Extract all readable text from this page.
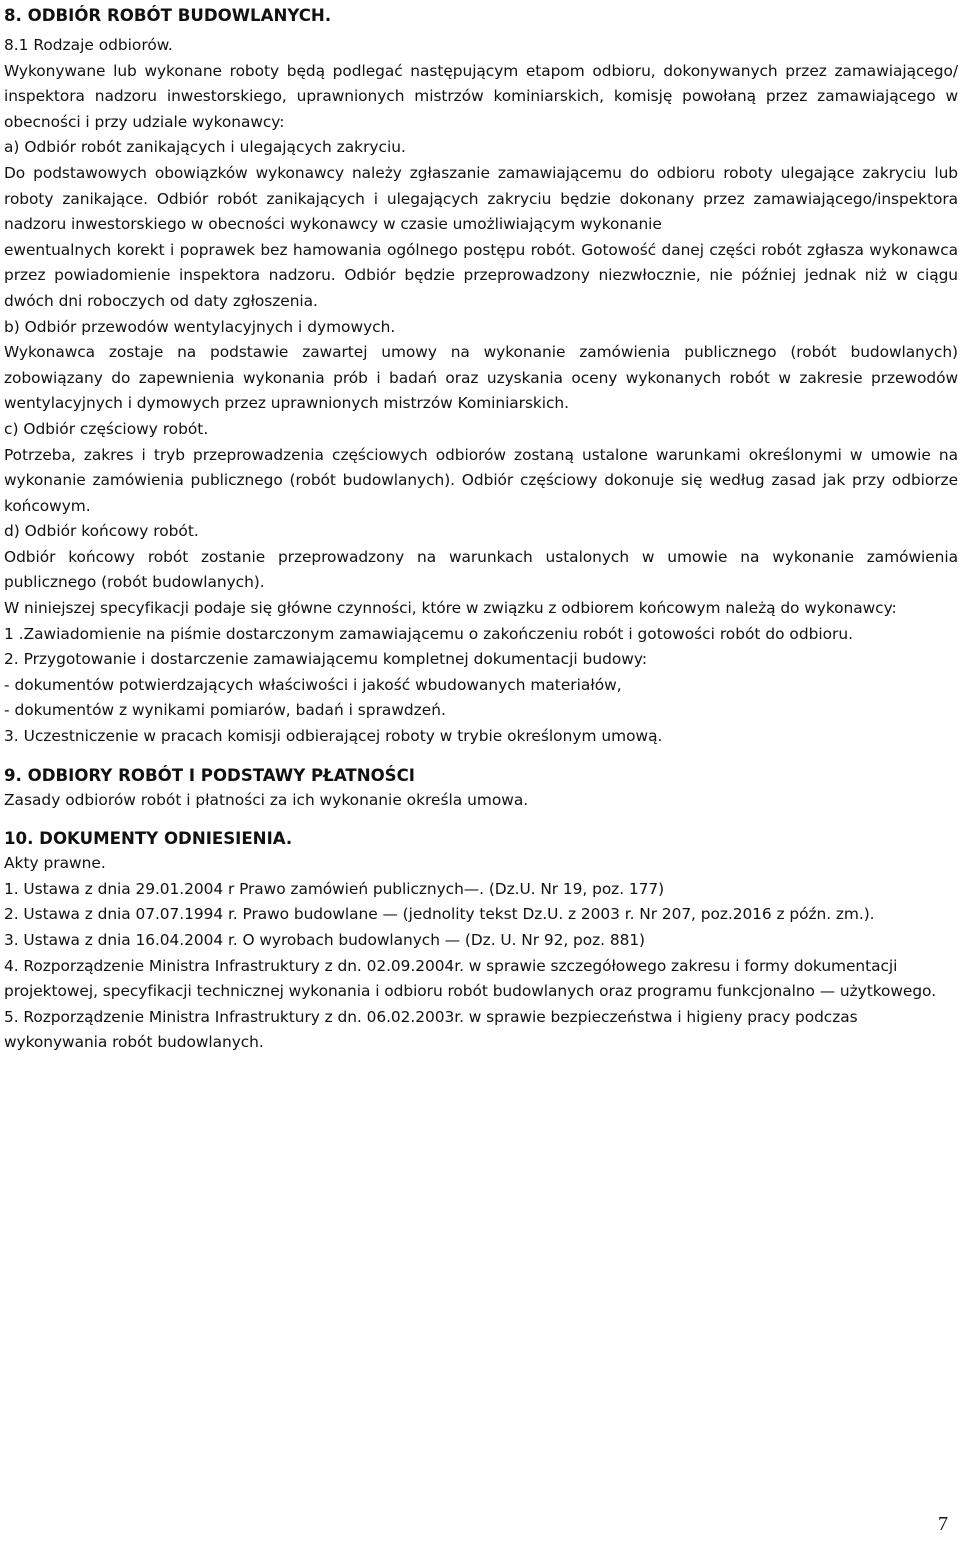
8. ODBIÓR ROBÓT BUDOWLANYCH.

8.1 Rodzaje odbiorów.

Wykonywane lub wykonane roboty będą podlegać następującym etapom odbioru, dokonywanych przez zamawiającego/ inspektora nadzoru inwestorskiego, uprawnionych mistrzów kominiarskich, komisję powołaną przez zamawiającego w obecności i przy udziale wykonawcy:

a) Odbiór robót zanikających i ulegających zakryciu.

Do podstawowych obowiązków wykonawcy należy zgłaszanie zamawiającemu do odbioru roboty ulegające zakryciu lub roboty zanikające. Odbiór robót zanikających i ulegających zakryciu będzie dokonany przez zamawiającego/inspektora nadzoru inwestorskiego w obecności wykonawcy w czasie umożliwiającym wykonanie

ewentualnych korekt i poprawek bez hamowania ogólnego postępu robót. Gotowość danej części robót zgłasza wykonawca przez powiadomienie inspektora nadzoru. Odbiór będzie przeprowadzony niezwłocznie, nie później jednak niż w ciągu dwóch dni roboczych od daty zgłoszenia.

b) Odbiór przewodów wentylacyjnych i dymowych.

Wykonawca zostaje na podstawie zawartej umowy na wykonanie zamówienia publicznego (robót budowlanych) zobowiązany do zapewnienia wykonania prób i badań oraz uzyskania oceny wykonanych robót w zakresie przewodów wentylacyjnych i dymowych przez uprawnionych mistrzów Kominiarskich.

c) Odbiór częściowy robót.

Potrzeba, zakres i tryb przeprowadzenia częściowych odbiorów zostaną ustalone warunkami określonymi w umowie na wykonanie zamówienia publicznego (robót budowlanych). Odbiór częściowy dokonuje się według zasad jak przy odbiorze końcowym.

d) Odbiór końcowy robót.

Odbiór końcowy robót zostanie przeprowadzony na warunkach ustalonych w umowie na wykonanie zamówienia publicznego (robót budowlanych).

W niniejszej specyfikacji podaje się główne czynności, które w związku z odbiorem końcowym należą do wykonawcy:

1 .Zawiadomienie na piśmie dostarczonym zamawiającemu o zakończeniu robót i gotowości robót do odbioru.

2. Przygotowanie i dostarczenie zamawiającemu kompletnej dokumentacji budowy:

- dokumentów potwierdzających właściwości i jakość wbudowanych materiałów,

- dokumentów z wynikami pomiarów, badań i sprawdzeń.

3. Uczestniczenie w pracach komisji odbierającej roboty w trybie określonym umową.

9. ODBIORY ROBÓT I PODSTAWY PŁATNOŚCI

Zasady odbiorów robót i płatności za ich wykonanie określa umowa.

10. DOKUMENTY ODNIESIENIA.

Akty prawne.

1. Ustawa z dnia 29.01.2004 r Prawo zamówień publicznych—. (Dz.U. Nr 19, poz. 177)

2. Ustawa z dnia 07.07.1994 r. Prawo budowlane — (jednolity tekst Dz.U. z 2003 r. Nr 207, poz.2016 z późn. zm.).

3. Ustawa z dnia 16.04.2004 r. O wyrobach budowlanych — (Dz. U. Nr 92, poz. 881)

4. Rozporządzenie Ministra Infrastruktury z dn. 02.09.2004r. w sprawie szczegółowego zakresu i formy dokumentacji projektowej, specyfikacji technicznej wykonania i odbioru robót budowlanych oraz programu funkcjonalno — użytkowego.

5. Rozporządzenie Ministra Infrastruktury z dn. 06.02.2003r. w sprawie bezpieczeństwa i higieny pracy podczas wykonywania robót budowlanych.

7
